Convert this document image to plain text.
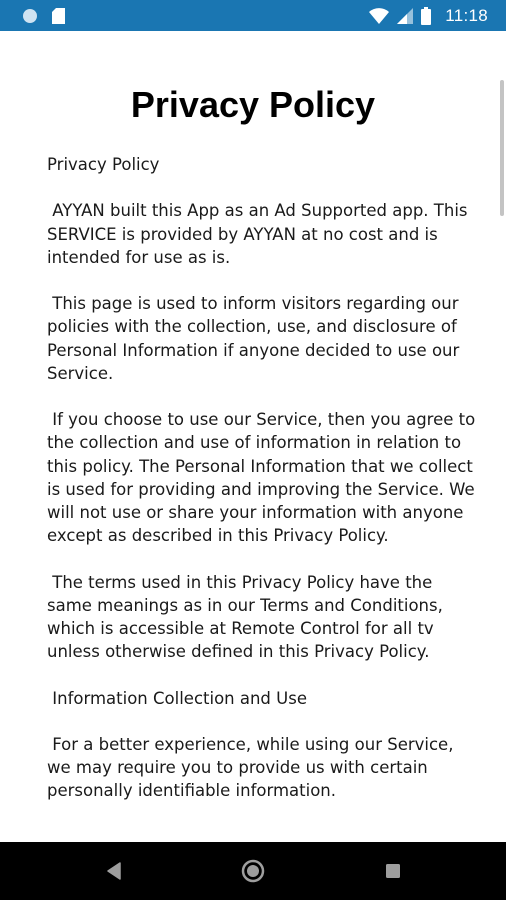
11:18
Privacy Policy

Privacy Policy

AYYAN built this App as an Ad Supported app. This SERVICE is provided by AYYAN at no cost and is intended for use as is.

This page is used to inform visitors regarding our policies with the collection, use, and disclosure of Personal Information if anyone decided to use our Service.

If you choose to use our Service, then you agree to the collection and use of information in relation to this policy. The Personal Information that we collect is used for providing and improving the Service. We will not use or share your information with anyone except as described in this Privacy Policy.

The terms used in this Privacy Policy have the same meanings as in our Terms and Conditions, which is accessible at Remote Control for all tv unless otherwise defined in this Privacy Policy.

Information Collection and Use

For a better experience, while using our Service, we may require you to provide us with certain personally identifiable information.
